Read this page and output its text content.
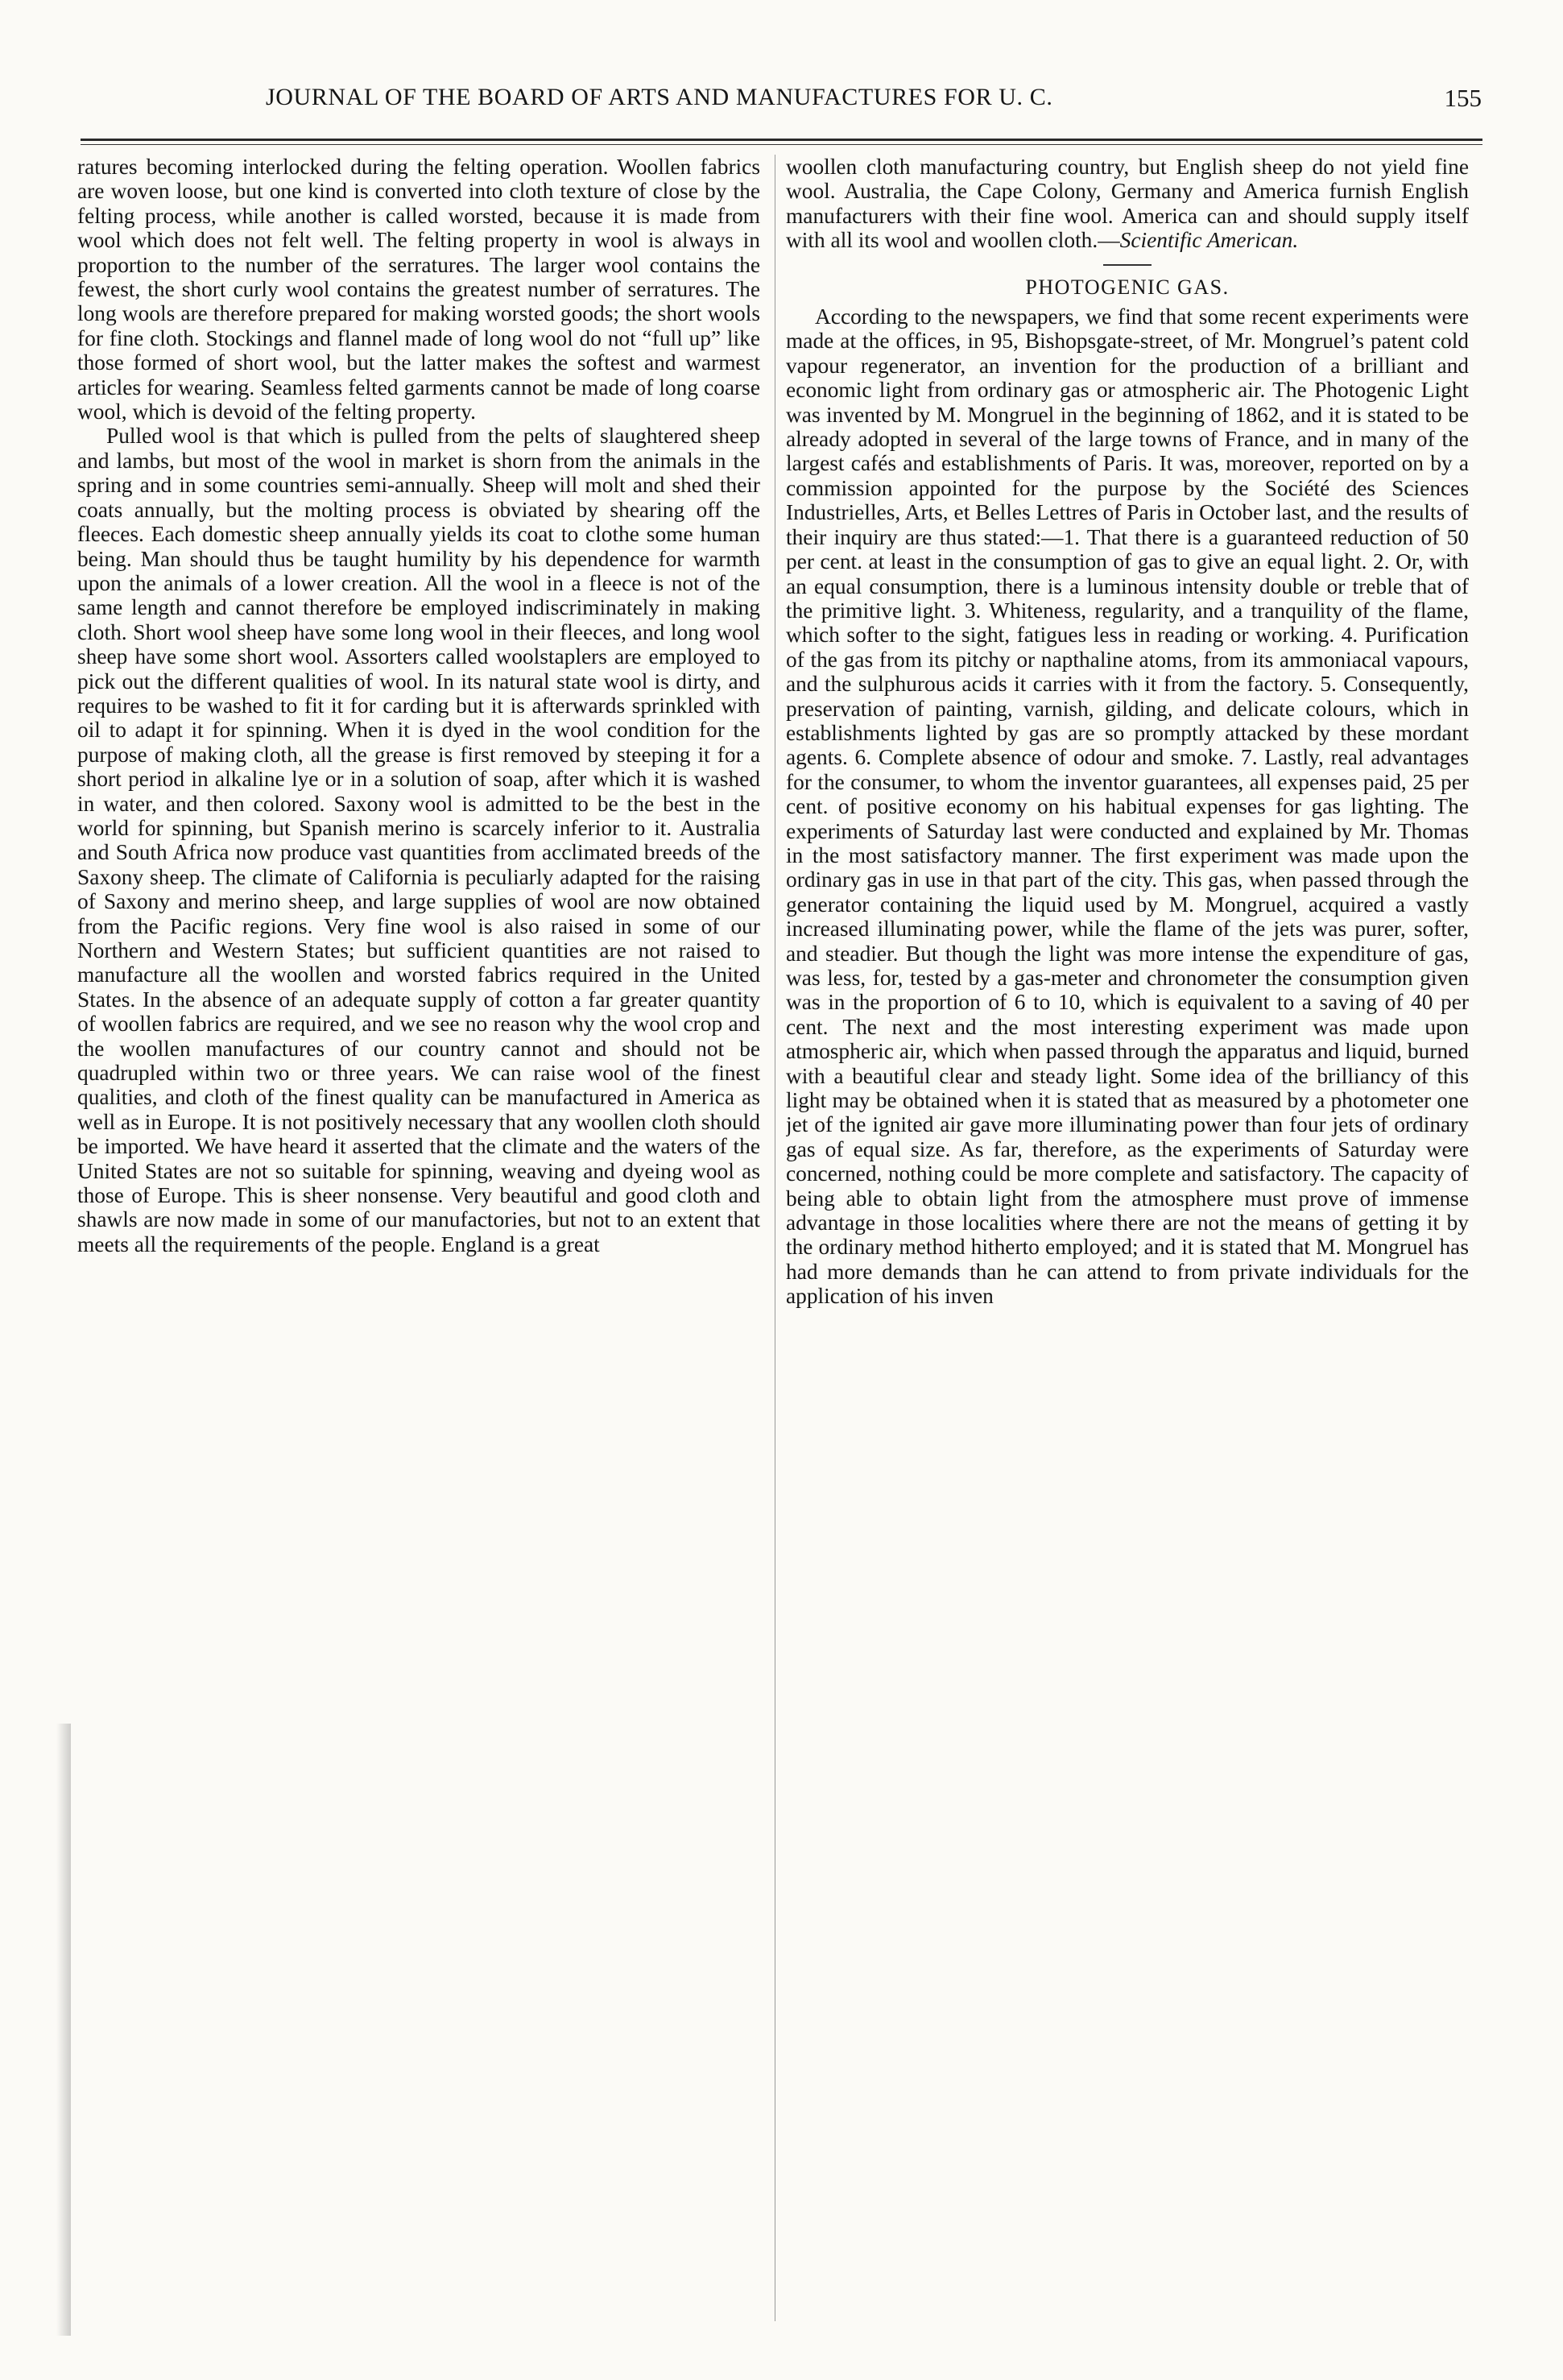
JOURNAL OF THE BOARD OF ARTS AND MANUFACTURES FOR U. C.	155

ratures becoming interlocked during the felting operation. Woollen fabrics are woven loose, but one kind is converted into cloth texture of close by the felting process, while another is called worsted, because it is made from wool which does not felt well. The felting property in wool is always in proportion to the number of the serratures. The larger wool contains the fewest, the short curly wool contains the greatest number of serratures. The long wools are therefore prepared for making worsted goods; the short wools for fine cloth. Stockings and flannel made of long wool do not “full up” like those formed of short wool, but the latter makes the softest and warmest articles for wearing. Seamless felted garments cannot be made of long coarse wool, which is devoid of the felting property.

Pulled wool is that which is pulled from the pelts of slaughtered sheep and lambs, but most of the wool in market is shorn from the animals in the spring and in some countries semi-annually. Sheep will molt and shed their coats annually, but the molting process is obviated by shearing off the fleeces. Each domestic sheep annually yields its coat to clothe some human being. Man should thus be taught humility by his dependence for warmth upon the animals of a lower creation. All the wool in a fleece is not of the same length and cannot therefore be employed indiscriminately in making cloth. Short wool sheep have some long wool in their fleeces, and long wool sheep have some short wool. Assorters called woolstaplers are employed to pick out the different qualities of wool. In its natural state wool is dirty, and requires to be washed to fit it for carding but it is afterwards sprinkled with oil to adapt it for spinning. When it is dyed in the wool condition for the purpose of making cloth, all the grease is first removed by steeping it for a short period in alkaline lye or in a solution of soap, after which it is washed in water, and then colored. Saxony wool is admitted to be the best in the world for spinning, but Spanish merino is scarcely inferior to it. Australia and South Africa now produce vast quantities from acclimated breeds of the Saxony sheep. The climate of California is peculiarly adapted for the raising of Saxony and merino sheep, and large supplies of wool are now obtained from the Pacific regions. Very fine wool is also raised in some of our Northern and Western States; but sufficient quantities are not raised to manufacture all the woollen and worsted fabrics required in the United States. In the absence of an adequate supply of cotton a far greater quantity of woollen fabrics are required, and we see no reason why the wool crop and the woollen manufactures of our country cannot and should not be quadrupled within two or three years. We can raise wool of the finest qualities, and cloth of the finest quality can be manufactured in America as well as in Europe. It is not positively necessary that any woollen cloth should be imported. We have heard it asserted that the climate and the waters of the United States are not so suitable for spinning, weaving and dyeing wool as those of Europe. This is sheer nonsense. Very beautiful and good cloth and shawls are now made in some of our manufactories, but not to an extent that meets all the requirements of the people. England is a great

woollen cloth manufacturing country, but English sheep do not yield fine wool. Australia, the Cape Colony, Germany and America furnish English manufacturers with their fine wool. America can and should supply itself with all its wool and woollen cloth.—Scientific American.

PHOTOGENIC GAS.

According to the newspapers, we find that some recent experiments were made at the offices, in 95, Bishopsgate-street, of Mr. Mongruel’s patent cold vapour regenerator, an invention for the production of a brilliant and economic light from ordinary gas or atmospheric air. The Photogenic Light was invented by M. Mongruel in the beginning of 1862, and it is stated to be already adopted in several of the large towns of France, and in many of the largest cafés and establishments of Paris. It was, moreover, reported on by a commission appointed for the purpose by the Société des Sciences Industrielles, Arts, et Belles Lettres of Paris in October last, and the results of their inquiry are thus stated:—1. That there is a guaranteed reduction of 50 per cent. at least in the consumption of gas to give an equal light. 2. Or, with an equal consumption, there is a luminous intensity double or treble that of the primitive light. 3. Whiteness, regularity, and a tranquility of the flame, which softer to the sight, fatigues less in reading or working. 4. Purification of the gas from its pitchy or napthaline atoms, from its ammoniacal vapours, and the sulphurous acids it carries with it from the factory. 5. Consequently, preservation of painting, varnish, gilding, and delicate colours, which in establishments lighted by gas are so promptly attacked by these mordant agents. 6. Complete absence of odour and smoke. 7. Lastly, real advantages for the consumer, to whom the inventor guarantees, all expenses paid, 25 per cent. of positive economy on his habitual expenses for gas lighting. The experiments of Saturday last were conducted and explained by Mr. Thomas in the most satisfactory manner. The first experiment was made upon the ordinary gas in use in that part of the city. This gas, when passed through the generator containing the liquid used by M. Mongruel, acquired a vastly increased illuminating power, while the flame of the jets was purer, softer, and steadier. But though the light was more intense the expenditure of gas, was less, for, tested by a gas-meter and chronometer the consumption given was in the proportion of 6 to 10, which is equivalent to a saving of 40 per cent. The next and the most interesting experiment was made upon atmospheric air, which when passed through the apparatus and liquid, burned with a beautiful clear and steady light. Some idea of the brilliancy of this light may be obtained when it is stated that as measured by a photometer one jet of the ignited air gave more illuminating power than four jets of ordinary gas of equal size. As far, therefore, as the experiments of Saturday were concerned, nothing could be more complete and satisfactory. The capacity of being able to obtain light from the atmosphere must prove of immense advantage in those localities where there are not the means of getting it by the ordinary method hitherto employed; and it is stated that M. Mongruel has had more demands than he can attend to from private individuals for the application of his inven
